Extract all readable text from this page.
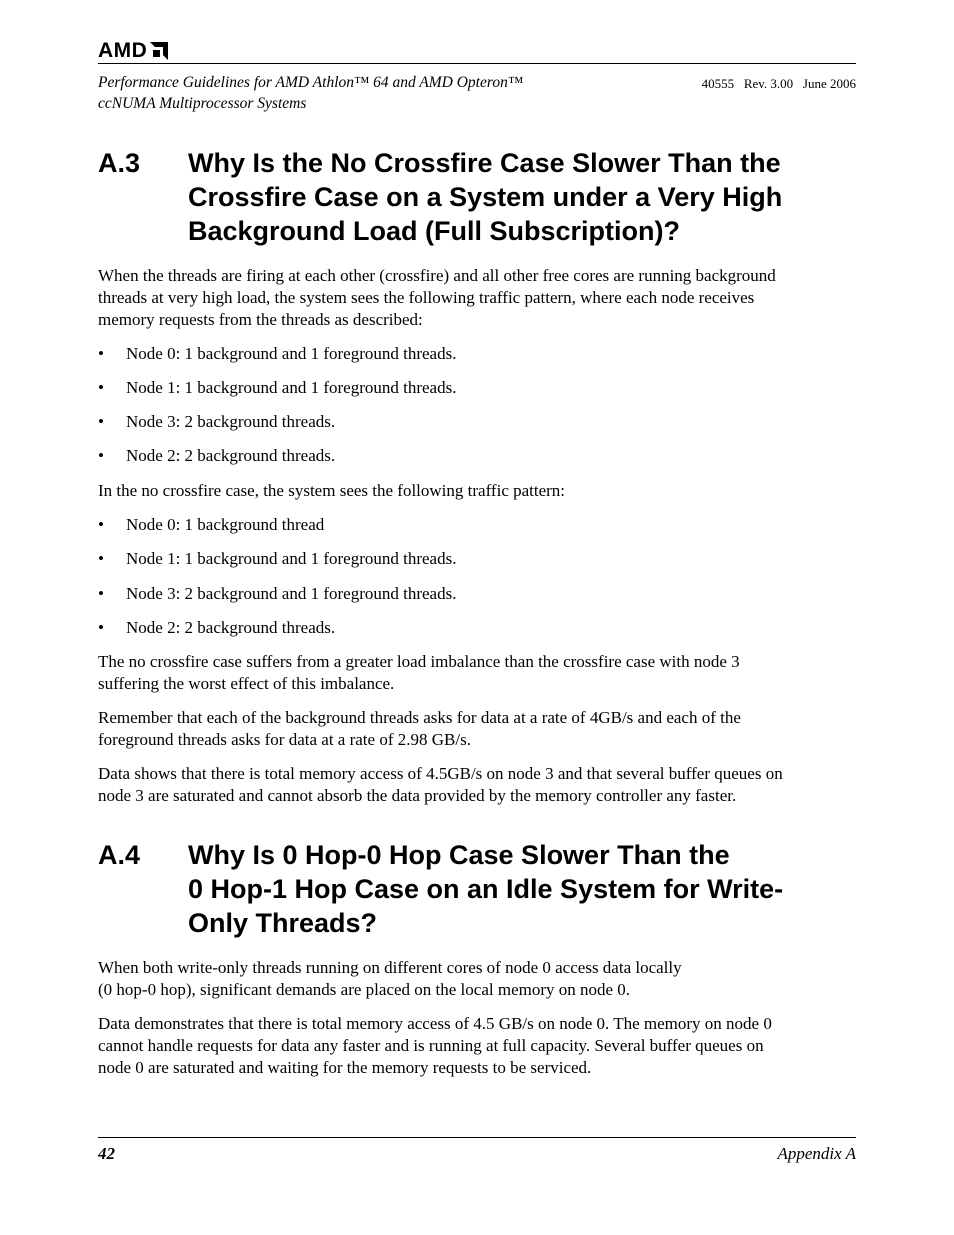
AMD
Performance Guidelines for AMD Athlon™ 64 and AMD Opteron™
ccNUMA Multiprocessor Systems
40555   Rev. 3.00   June 2006
A.3 Why Is the No Crossfire Case Slower Than the
Crossfire Case on a System under a Very High
Background Load (Full Subscription)?
When the threads are firing at each other (crossfire) and all other free cores are running background
threads at very high load, the system sees the following traffic pattern, where each node receives
memory requests from the threads as described:
• Node 0: 1 background and 1 foreground threads.
• Node 1: 1 background and 1 foreground threads.
• Node 3: 2 background threads.
• Node 2: 2 background threads.
In the no crossfire case, the system sees the following traffic pattern:
• Node 0: 1 background thread
• Node 1: 1 background and 1 foreground threads.
• Node 3: 2 background and 1 foreground threads.
• Node 2: 2 background threads.
The no crossfire case suffers from a greater load imbalance than the crossfire case with node 3
suffering the worst effect of this imbalance.
Remember that each of the background threads asks for data at a rate of 4GB/s and each of the
foreground threads asks for data at a rate of 2.98 GB/s.
Data shows that there is total memory access of 4.5GB/s on node 3 and that several buffer queues on
node 3 are saturated and cannot absorb the data provided by the memory controller any faster.
A.4 Why Is 0 Hop-0 Hop Case Slower Than the
0 Hop-1 Hop Case on an Idle System for Write-
Only Threads?
When both write-only threads running on different cores of node 0 access data locally
(0 hop-0 hop), significant demands are placed on the local memory on node 0.
Data demonstrates that there is total memory access of 4.5 GB/s on node 0. The memory on node 0
cannot handle requests for data any faster and is running at full capacity. Several buffer queues on
node 0 are saturated and waiting for the memory requests to be serviced.
42	Appendix A
